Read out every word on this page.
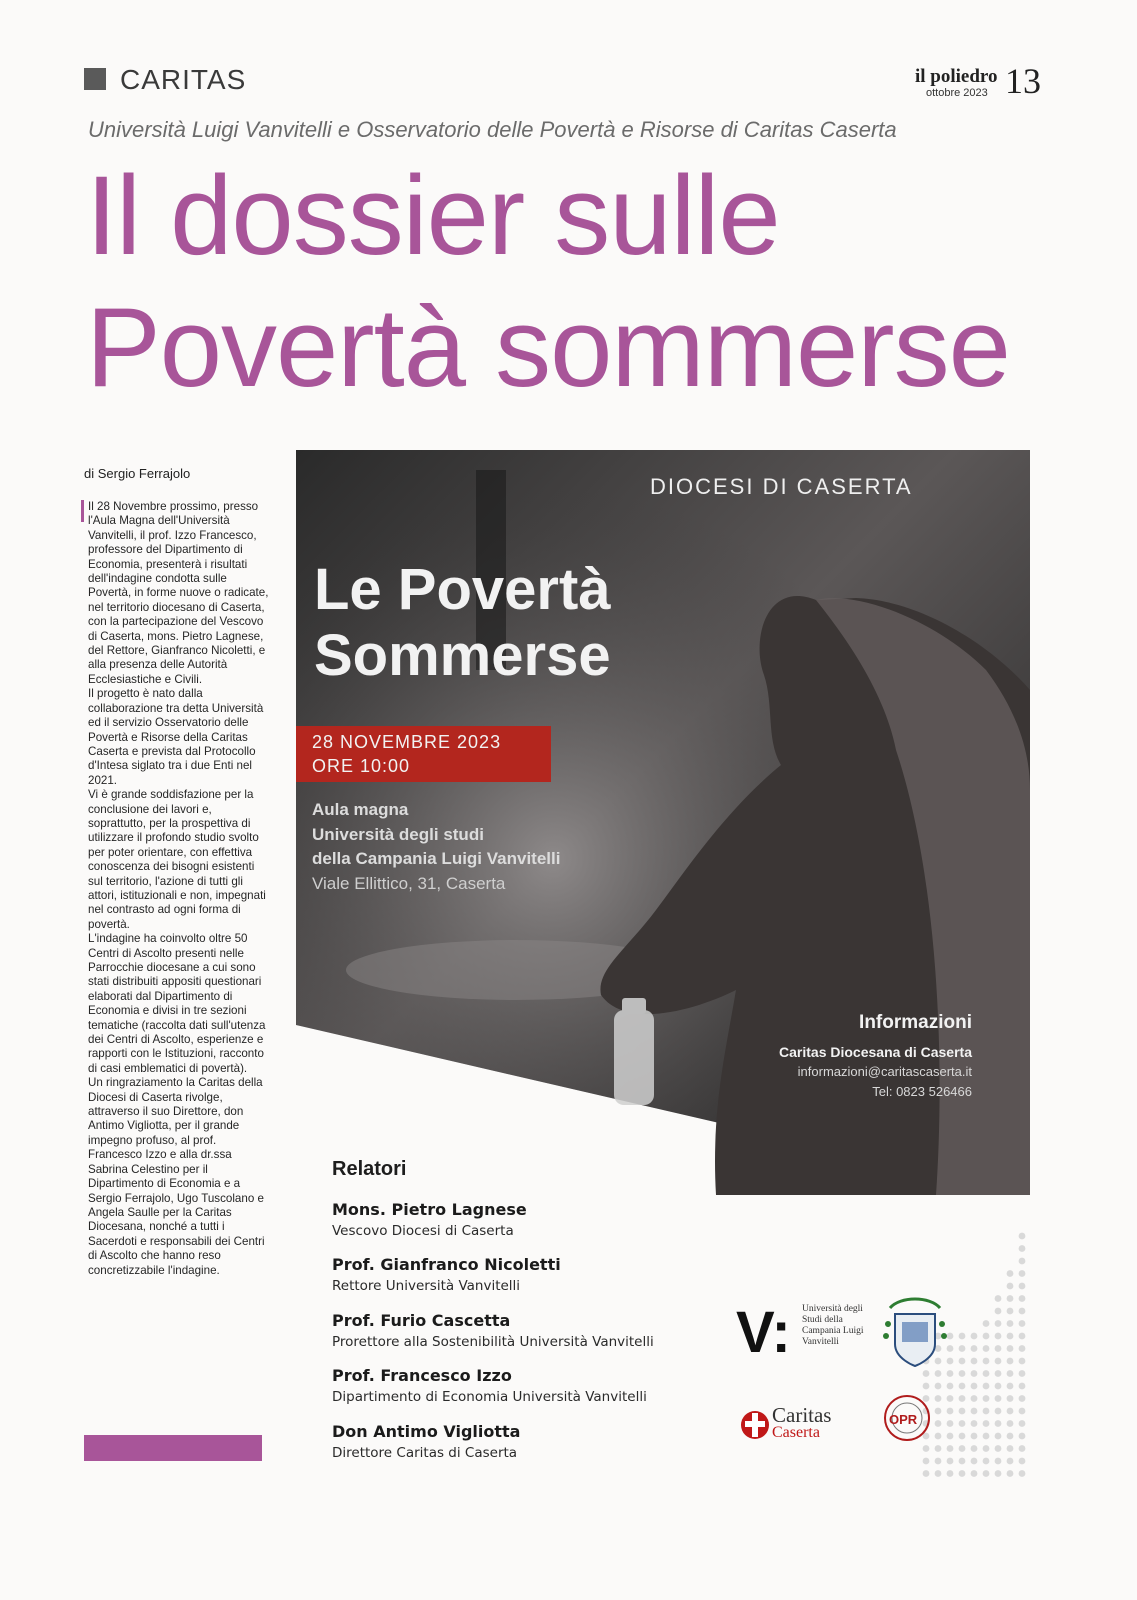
CARITAS	il poliedro
ottobre 2023 13
Università Luigi Vanvitelli e Osservatorio delle Povertà e Risorse di Caritas Caserta
Il dossier sulle
Povertà sommerse
di Sergio Ferrajolo

Il 28 Novembre prossimo, presso l'Aula Magna dell'Università Vanvitelli, il prof. Izzo Francesco, professore del Dipartimento di Economia, presenterà i risultati dell'indagine condotta sulle Povertà, in forme nuove o radicate, nel territorio diocesano di Caserta, con la partecipazione del Vescovo di Caserta, mons. Pietro Lagnese, del Rettore, Gianfranco Nicoletti, e alla presenza delle Autorità Ecclesiastiche e Civili.

Il progetto è nato dalla collaborazione tra detta Università ed il servizio Osservatorio delle Povertà e Risorse della Caritas Caserta e prevista dal Protocollo d'Intesa siglato tra i due Enti nel 2021.

Vi è grande soddisfazione per la conclusione dei lavori e, soprattutto, per la prospettiva di utilizzare il profondo studio svolto per poter orientare, con effettiva conoscenza dei bisogni esistenti sul territorio, l'azione di tutti gli attori, istituzionali e non, impegnati nel contrasto ad ogni forma di povertà.

L'indagine ha coinvolto oltre 50 Centri di Ascolto presenti nelle Parrocchie diocesane a cui sono stati distribuiti appositi questionari elaborati dal Dipartimento di Economia e divisi in tre sezioni tematiche (raccolta dati sull'utenza dei Centri di Ascolto, esperienze e rapporti con le Istituzioni, racconto di casi emblematici di povertà).

Un ringraziamento la Caritas della Diocesi di Caserta rivolge, attraverso il suo Direttore, don Antimo Vigliotta, per il grande impegno profuso, al prof. Francesco Izzo e alla dr.ssa Sabrina Celestino per il Dipartimento di Economia e a Sergio Ferrajolo, Ugo Tuscolano e Angela Saulle per la Caritas Diocesana, nonché a tutti i Sacerdoti e responsabili dei Centri di Ascolto che hanno reso concretizzabile l'indagine.

DIOCESI DI CASERTA
Le Povertà
Sommerse
28 NOVEMBRE 2023
ORE 10:00
Aula magna
Università degli studi
della Campania Luigi Vanvitelli
Viale Ellittico, 31, Caserta
Informazioni
Caritas Diocesana di Caserta
informazioni@caritascaserta.it
Tel: 0823 526466
Relatori
Mons. Pietro Lagnese
Vescovo Diocesi di Caserta
Prof. Gianfranco Nicoletti
Rettore Università Vanvitelli
Prof. Furio Cascetta
Prorettore alla Sostenibilità Università Vanvitelli
Prof. Francesco Izzo
Dipartimento di Economia Università Vanvitelli
Don Antimo Vigliotta
Direttore Caritas di Caserta
V: Università degli Studi della Campania Luigi Vanvitelli
Caritas
Caserta
OPR
